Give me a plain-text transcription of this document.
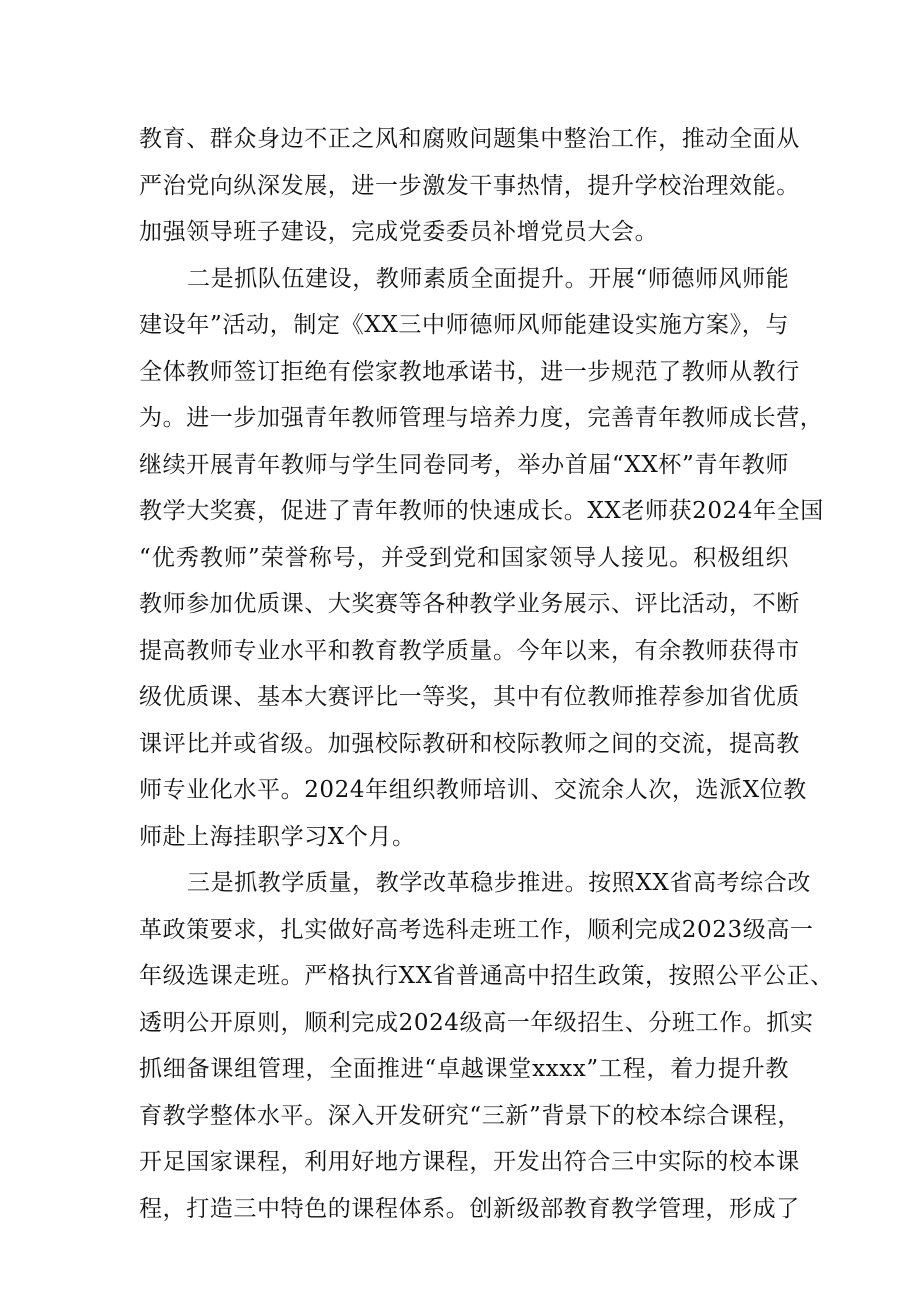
教育、群众身边不正之风和腐败问题集中整治工作，推动全面从
严治党向纵深发展，进一步激发干事热情，提升学校治理效能。
加强领导班子建设，完成党委委员补增党员大会。
二是抓队伍建设，教师素质全面提升。开展“师德师风师能
建设年”活动，制定《XX三中师德师风师能建设实施方案》，与
全体教师签订拒绝有偿家教地承诺书，进一步规范了教师从教行
为。进一步加强青年教师管理与培养力度，完善青年教师成长营，
继续开展青年教师与学生同卷同考，举办首届“XX杯”青年教师
教学大奖赛，促进了青年教师的快速成长。XX老师获2024年全国
“优秀教师”荣誉称号，并受到党和国家领导人接见。积极组织
教师参加优质课、大奖赛等各种教学业务展示、评比活动，不断
提高教师专业水平和教育教学质量。今年以来，有余教师获得市
级优质课、基本大赛评比一等奖，其中有位教师推荐参加省优质
课评比并或省级。加强校际教研和校际教师之间的交流，提高教
师专业化水平。2024年组织教师培训、交流余人次，选派X位教
师赴上海挂职学习X个月。
三是抓教学质量，教学改革稳步推进。按照XX省高考综合改
革政策要求，扎实做好高考选科走班工作，顺利完成2023级高一
年级选课走班。严格执行XX省普通高中招生政策，按照公平公正、
透明公开原则，顺利完成2024级高一年级招生、分班工作。抓实
抓细备课组管理，全面推进“卓越课堂xxxx”工程，着力提升教
育教学整体水平。深入开发研究“三新”背景下的校本综合课程，
开足国家课程，利用好地方课程，开发出符合三中实际的校本课
程，打造三中特色的课程体系。创新级部教育教学管理，形成了
